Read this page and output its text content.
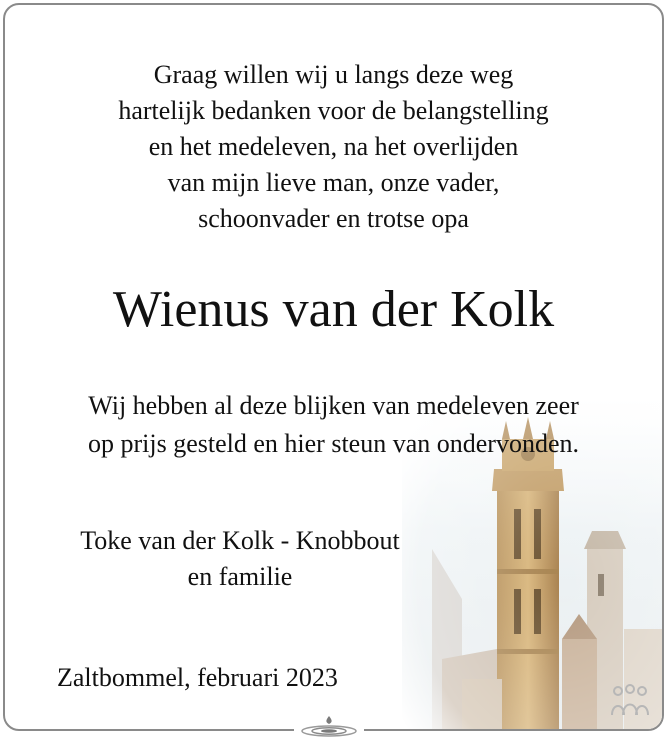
Graag willen wij u langs deze weg
hartelijk bedanken voor de belangstelling
en het medeleven, na het overlijden
van mijn lieve man, onze vader,
schoonvader en trotse opa
Wienus van der Kolk
Wij hebben al deze blijken van medeleven zeer
op prijs gesteld en hier steun van ondervonden.
Toke van der Kolk - Knobbout
en familie
Zaltbommel, februari 2023
